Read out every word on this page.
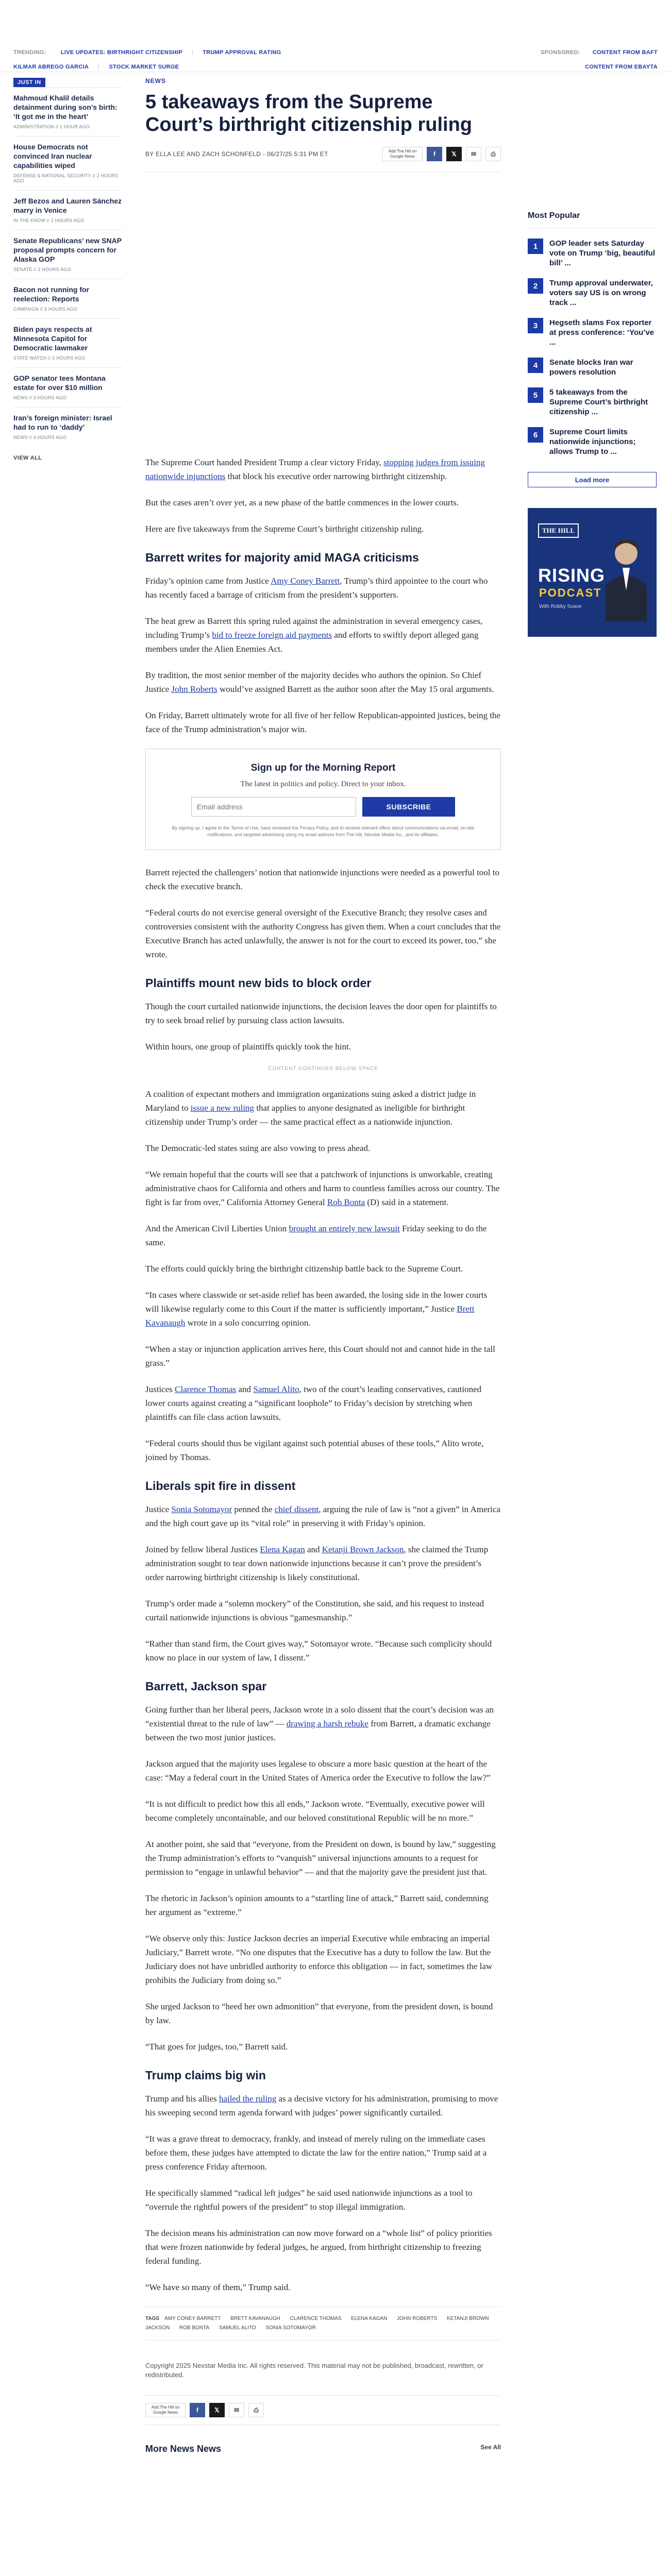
TRENDING:	LIVE UPDATES: BIRTHRIGHT CITIZENSHIP | TRUMP APPROVAL RATING	SPONSORED: CONTENT FROM BAFT
KILMAR ABREGO GARCIA | STOCK MARKET SURGE	CONTENT FROM EBAYTA
JUST IN
Mahmoud Khalil details detainment during son’s birth: ‘It got me in the heart’
ADMINISTRATION // 1 HOUR AGO
House Democrats not convinced Iran nuclear capabilities wiped
DEFENSE & NATIONAL SECURITY // 2 HOURS AGO
Jeff Bezos and Lauren Sánchez marry in Venice
IN THE KNOW // 2 HOURS AGO
Senate Republicans’ new SNAP proposal prompts concern for Alaska GOP
SENATE // 2 HOURS AGO
Bacon not running for reelection: Reports
CAMPAIGN // 3 HOURS AGO
Biden pays respects at Minnesota Capitol for Democratic lawmaker
STATE WATCH // 3 HOURS AGO
GOP senator tees Montana estate for over $10 million
NEWS // 3 HOURS AGO
Iran’s foreign minister: Israel had to run to ‘daddy’
NEWS // 4 HOURS AGO
VIEW ALL
NEWS
5 takeaways from the Supreme Court’s birthright citizenship ruling
BY ELLA LEE AND ZACH SCHONFELD - 06/27/25 5:31 PM ET	Add The Hill on Google News	f	𝕏	✉	⎙

The Supreme Court handed President Trump a clear victory Friday, stopping judges from issuing nationwide injunctions that block his executive order narrowing birthright citizenship.

But the cases aren’t over yet, as a new phase of the battle commences in the lower courts.

Here are five takeaways from the Supreme Court’s birthright citizenship ruling.

Barrett writes for majority amid MAGA criticisms

Friday’s opinion came from Justice Amy Coney Barrett, Trump’s third appointee to the court who has recently faced a barrage of criticism from the president’s supporters.

The heat grew as Barrett this spring ruled against the administration in several emergency cases, including Trump’s bid to freeze foreign aid payments and efforts to swiftly deport alleged gang members under the Alien Enemies Act.

By tradition, the most senior member of the majority decides who authors the opinion. So Chief Justice John Roberts would’ve assigned Barrett as the author soon after the May 15 oral arguments.

On Friday, Barrett ultimately wrote for all five of her fellow Republican-appointed justices, being the face of the Trump administration’s major win.

Sign up for the Morning Report
The latest in politics and policy. Direct to your inbox.
Email address
SUBSCRIBE
By signing up, I agree to the Terms of Use, have reviewed the Privacy Policy, and to receive relevant offers about communications via email, on-site notifications, and targeted advertising using my email address from The Hill, Nexstar Media Inc., and its affiliates.

Barrett rejected the challengers’ notion that nationwide injunctions were needed as a powerful tool to check the executive branch.

“Federal courts do not exercise general oversight of the Executive Branch; they resolve cases and controversies consistent with the authority Congress has given them. When a court concludes that the Executive Branch has acted unlawfully, the answer is not for the court to exceed its power, too,” she wrote.

Plaintiffs mount new bids to block order

Though the court curtailed nationwide injunctions, the decision leaves the door open for plaintiffs to try to seek broad relief by pursuing class action lawsuits.

Within hours, one group of plaintiffs quickly took the hint.

CONTENT CONTINUES BELOW SPACE

A coalition of expectant mothers and immigration organizations suing asked a district judge in Maryland to issue a new ruling that applies to anyone designated as ineligible for birthright citizenship under Trump’s order — the same practical effect as a nationwide injunction.

The Democratic-led states suing are also vowing to press ahead.

“We remain hopeful that the courts will see that a patchwork of injunctions is unworkable, creating administrative chaos for California and others and harm to countless families across our country. The fight is far from over,” California Attorney General Rob Bonta (D) said in a statement.

And the American Civil Liberties Union brought an entirely new lawsuit Friday seeking to do the same.

The efforts could quickly bring the birthright citizenship battle back to the Supreme Court.

“In cases where classwide or set-aside relief has been awarded, the losing side in the lower courts will likewise regularly come to this Court if the matter is sufficiently important,” Justice Brett Kavanaugh wrote in a solo concurring opinion.

“When a stay or injunction application arrives here, this Court should not and cannot hide in the tall grass.”

Justices Clarence Thomas and Samuel Alito, two of the court’s leading conservatives, cautioned lower courts against creating a “significant loophole” to Friday’s decision by stretching when plaintiffs can file class action lawsuits.

“Federal courts should thus be vigilant against such potential abuses of these tools,” Alito wrote, joined by Thomas.

Liberals spit fire in dissent

Justice Sonia Sotomayor penned the chief dissent, arguing the rule of law is “not a given” in America and the high court gave up its “vital role” in preserving it with Friday’s opinion.

Joined by fellow liberal Justices Elena Kagan and Ketanji Brown Jackson, she claimed the Trump administration sought to tear down nationwide injunctions because it can’t prove the president’s order narrowing birthright citizenship is likely constitutional.

Trump’s order made a “solemn mockery” of the Constitution, she said, and his request to instead curtail nationwide injunctions is obvious “gamesmanship.”

“Rather than stand firm, the Court gives way,” Sotomayor wrote. “Because such complicity should know no place in our system of law, I dissent.”

Barrett, Jackson spar

Going further than her liberal peers, Jackson wrote in a solo dissent that the court’s decision was an “existential threat to the rule of law” — drawing a harsh rebuke from Barrett, a dramatic exchange between the two most junior justices.

Jackson argued that the majority uses legalese to obscure a more basic question at the heart of the case: “May a federal court in the United States of America order the Executive to follow the law?”

“It is not difficult to predict how this all ends,” Jackson wrote. “Eventually, executive power will become completely uncontainable, and our beloved constitutional Republic will be no more.”

At another point, she said that “everyone, from the President on down, is bound by law,” suggesting the Trump administration’s efforts to “vanquish” universal injunctions amounts to a request for permission to “engage in unlawful behavior” — and that the majority gave the president just that.

The rhetoric in Jackson’s opinion amounts to a “startling line of attack,” Barrett said, condemning her argument as “extreme.”

“We observe only this: Justice Jackson decries an imperial Executive while embracing an imperial Judiciary,” Barrett wrote. “No one disputes that the Executive has a duty to follow the law. But the Judiciary does not have unbridled authority to enforce this obligation — in fact, sometimes the law prohibits the Judiciary from doing so.”

She urged Jackson to “heed her own admonition” that everyone, from the president down, is bound by law.

“That goes for judges, too,” Barrett said.

Trump claims big win

Trump and his allies hailed the ruling as a decisive victory for his administration, promising to move his sweeping second term agenda forward with judges’ power significantly curtailed.

“It was a grave threat to democracy, frankly, and instead of merely ruling on the immediate cases before them, these judges have attempted to dictate the law for the entire nation,” Trump said at a press conference Friday afternoon.

He specifically slammed “radical left judges” he said used nationwide injunctions as a tool to “overrule the rightful powers of the president” to stop illegal immigration.

The decision means his administration can now move forward on a “whole list” of policy priorities that were frozen nationwide by federal judges, he argued, from birthright citizenship to freezing federal funding.

“We have so many of them,” Trump said.

TAGS AMY CONEY BARRETT BRETT KAVANAUGH CLARENCE THOMAS ELENA KAGAN JOHN ROBERTS KETANJI BROWN JACKSON ROB BONTA SAMUEL ALITO SONIA SOTOMAYOR
Copyright 2025 Nexstar Media Inc. All rights reserved. This material may not be published, broadcast, rewritten, or redistributed.
Add The Hill on Google News	f	𝕏	✉	⎙
More News News	See All
Most Popular
1	GOP leader sets Saturday vote on Trump ‘big, beautiful bill’ ...
2	Trump approval underwater, voters say US is on wrong track ...
3	Hegseth slams Fox reporter at press conference: ‘You’ve ...
4	Senate blocks Iran war powers resolution
5	5 takeaways from the Supreme Court’s birthright citizenship ...
6	Supreme Court limits nationwide injunctions; allows Trump to ...
Load more
THE HILL
RISING
PODCAST
With Robby Soave
